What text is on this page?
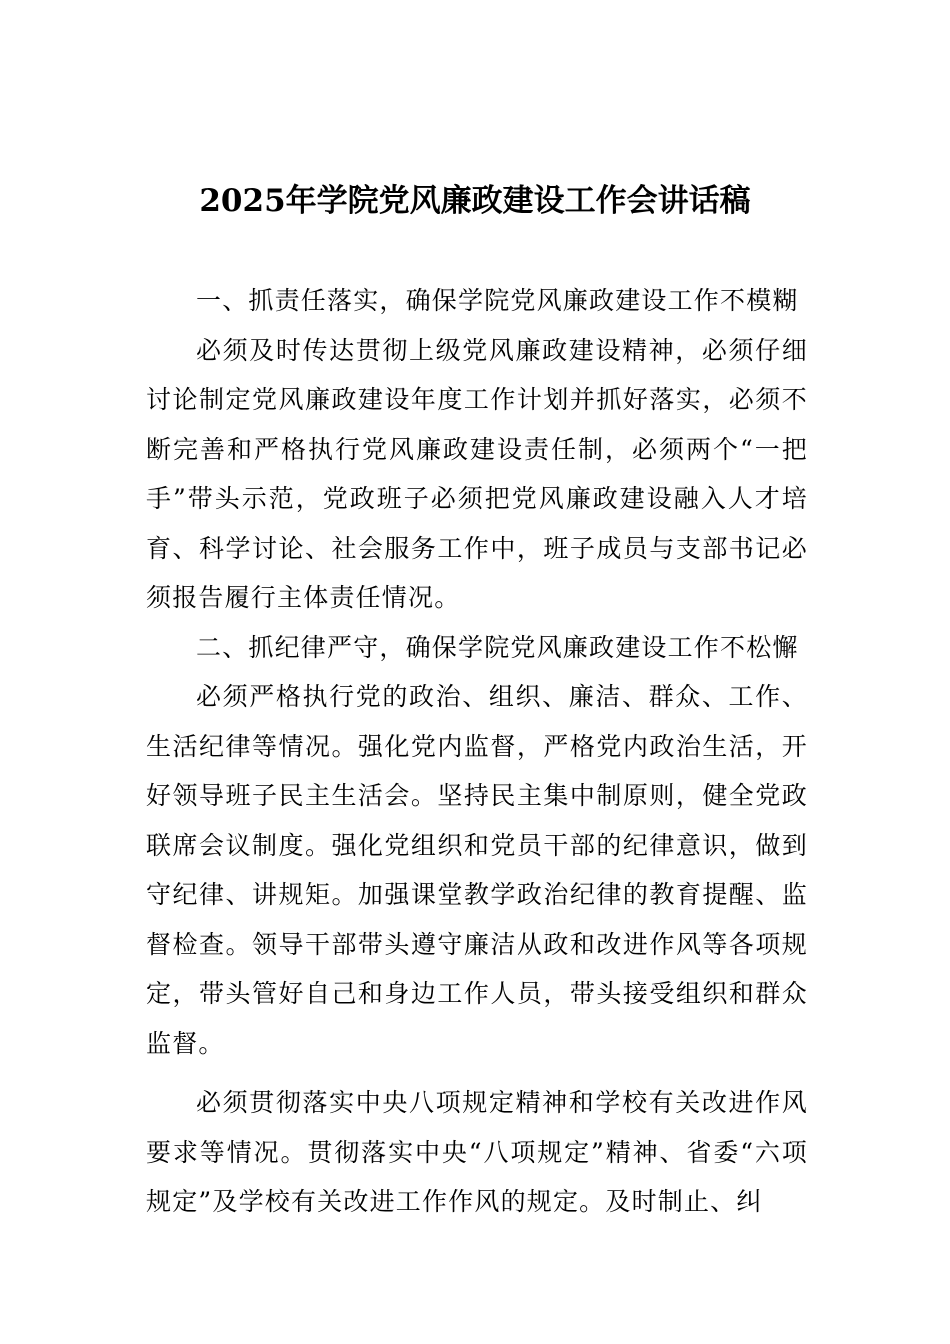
2025年学院党风廉政建设工作会讲话稿

一、抓责任落实，确保学院党风廉政建设工作不模糊

必须及时传达贯彻上级党风廉政建设精神，必须仔细讨论制定党风廉政建设年度工作计划并抓好落实，必须不断完善和严格执行党风廉政建设责任制，必须两个“一把手”带头示范，党政班子必须把党风廉政建设融入人才培育、科学讨论、社会服务工作中，班子成员与支部书记必须报告履行主体责任情况。

二、抓纪律严守，确保学院党风廉政建设工作不松懈

必须严格执行党的政治、组织、廉洁、群众、工作、生活纪律等情况。强化党内监督，严格党内政治生活，开好领导班子民主生活会。坚持民主集中制原则，健全党政联席会议制度。强化党组织和党员干部的纪律意识，做到守纪律、讲规矩。加强课堂教学政治纪律的教育提醒、监督检查。领导干部带头遵守廉洁从政和改进作风等各项规定，带头管好自己和身边工作人员，带头接受组织和群众监督。

必须贯彻落实中央八项规定精神和学校有关改进作风要求等情况。贯彻落实中央“八项规定”精神、省委“六项规定”及学校有关改进工作作风的规定。及时制止、纠
